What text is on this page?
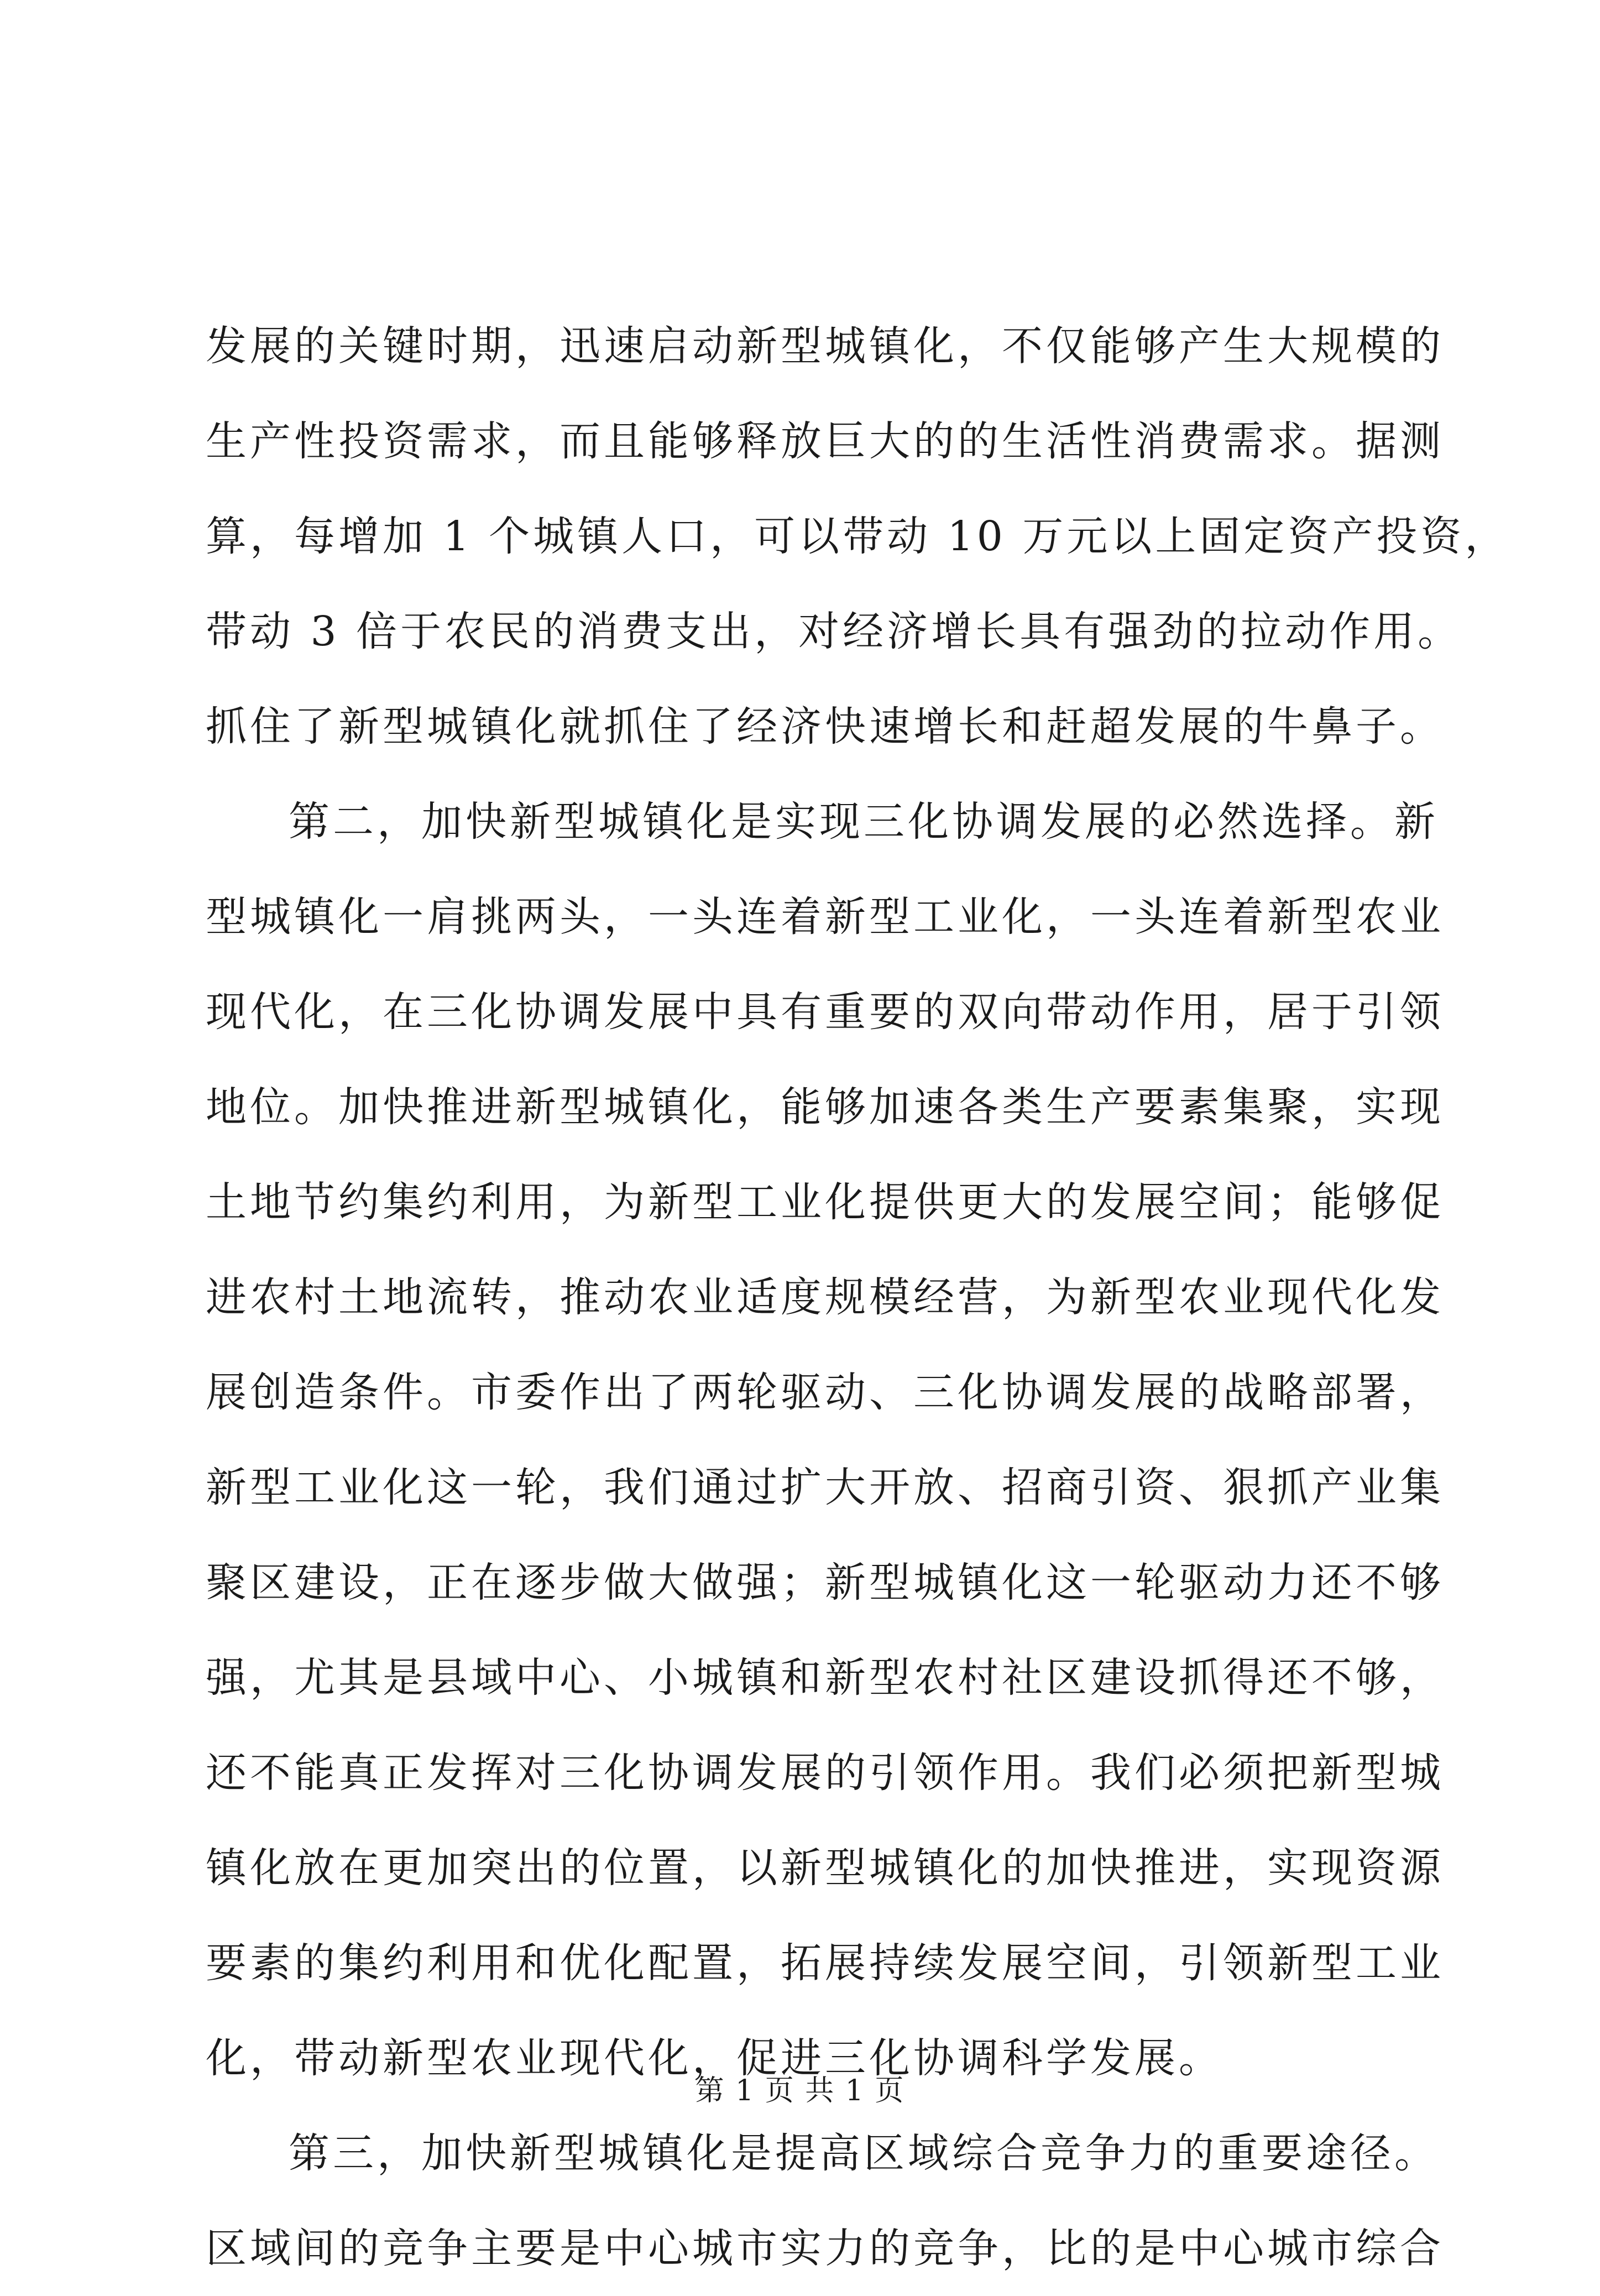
发展的关键时期，迅速启动新型城镇化，不仅能够产生大规模的
生产性投资需求，而且能够释放巨大的的生活性消费需求。据测
算，每增加 1 个城镇人口，可以带动 10 万元以上固定资产投资，
带动 3 倍于农民的消费支出，对经济增长具有强劲的拉动作用。
抓住了新型城镇化就抓住了经济快速增长和赶超发展的牛鼻子。
第二，加快新型城镇化是实现三化协调发展的必然选择。新
型城镇化一肩挑两头，一头连着新型工业化，一头连着新型农业
现代化，在三化协调发展中具有重要的双向带动作用，居于引领
地位。加快推进新型城镇化，能够加速各类生产要素集聚，实现
土地节约集约利用，为新型工业化提供更大的发展空间；能够促
进农村土地流转，推动农业适度规模经营，为新型农业现代化发
展创造条件。市委作出了两轮驱动、三化协调发展的战略部署，
新型工业化这一轮，我们通过扩大开放、招商引资、狠抓产业集
聚区建设，正在逐步做大做强；新型城镇化这一轮驱动力还不够
强，尤其是县域中心、小城镇和新型农村社区建设抓得还不够，
还不能真正发挥对三化协调发展的引领作用。我们必须把新型城
镇化放在更加突出的位置，以新型城镇化的加快推进，实现资源
要素的集约利用和优化配置，拓展持续发展空间，引领新型工业
化，带动新型农业现代化，促进三化协调科学发展。
第三，加快新型城镇化是提高区域综合竞争力的重要途径。
区域间的竞争主要是中心城市实力的竞争，比的是中心城市综合
第 1 页 共 1 页
